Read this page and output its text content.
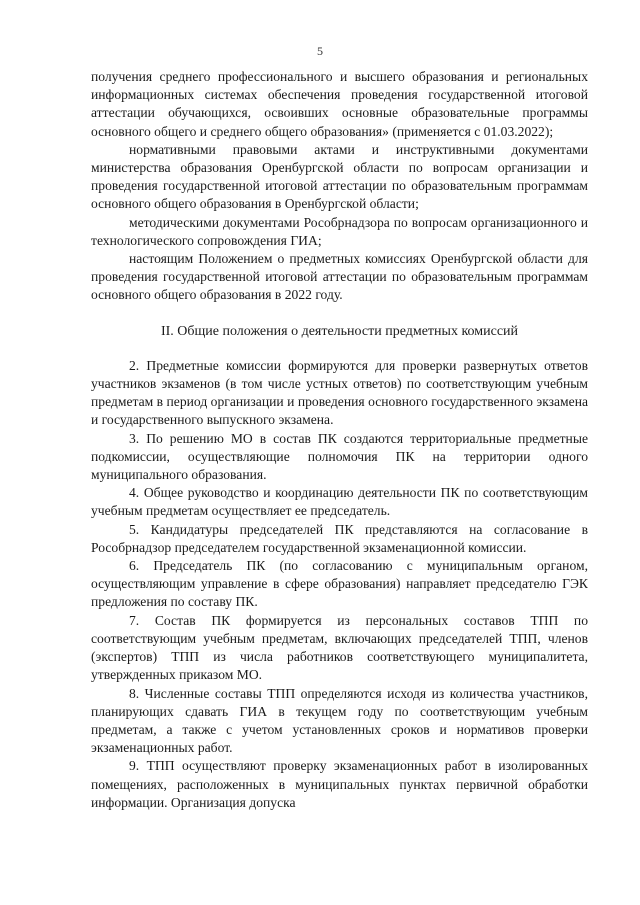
5

получения среднего профессионального и высшего образования и региональных информационных системах обеспечения проведения государственной итоговой аттестации обучающихся, освоивших основные образовательные программы основного общего и среднего общего образования» (применяется с 01.03.2022);

нормативными правовыми актами и инструктивными документами министерства образования Оренбургской области по вопросам организации и проведения государственной итоговой аттестации по образовательным программам основного общего образования в Оренбургской области;

методическими документами Рособрнадзора по вопросам организационного и технологического сопровождения ГИА;

настоящим Положением о предметных комиссиях Оренбургской области для проведения государственной итоговой аттестации по образовательным программам основного общего образования в 2022 году.

II. Общие положения о деятельности предметных комиссий

2. Предметные комиссии формируются для проверки развернутых ответов участников экзаменов (в том числе устных ответов) по соответствующим учебным предметам в период организации и проведения основного государственного экзамена и государственного выпускного экзамена.

3. По решению МО в состав ПК создаются территориальные предметные подкомиссии, осуществляющие полномочия ПК на территории одного муниципального образования.

4. Общее руководство и координацию деятельности ПК по соответствующим учебным предметам осуществляет ее председатель.

5. Кандидатуры председателей ПК представляются на согласование в Рособрнадзор председателем государственной экзаменационной комиссии.

6. Председатель ПК (по согласованию с муниципальным органом, осуществляющим управление в сфере образования) направляет председателю ГЭК предложения по составу ПК.

7. Состав ПК формируется из персональных составов ТПП по соответствующим учебным предметам, включающих председателей ТПП, членов (экспертов) ТПП из числа работников соответствующего муниципалитета, утвержденных приказом МО.

8. Численные составы ТПП определяются исходя из количества участников, планирующих сдавать ГИА в текущем году по соответствующим учебным предметам, а также с учетом установленных сроков и нормативов проверки экзаменационных работ.

9. ТПП осуществляют проверку экзаменационных работ в изолированных помещениях, расположенных в муниципальных пунктах первичной обработки информации. Организация допуска
